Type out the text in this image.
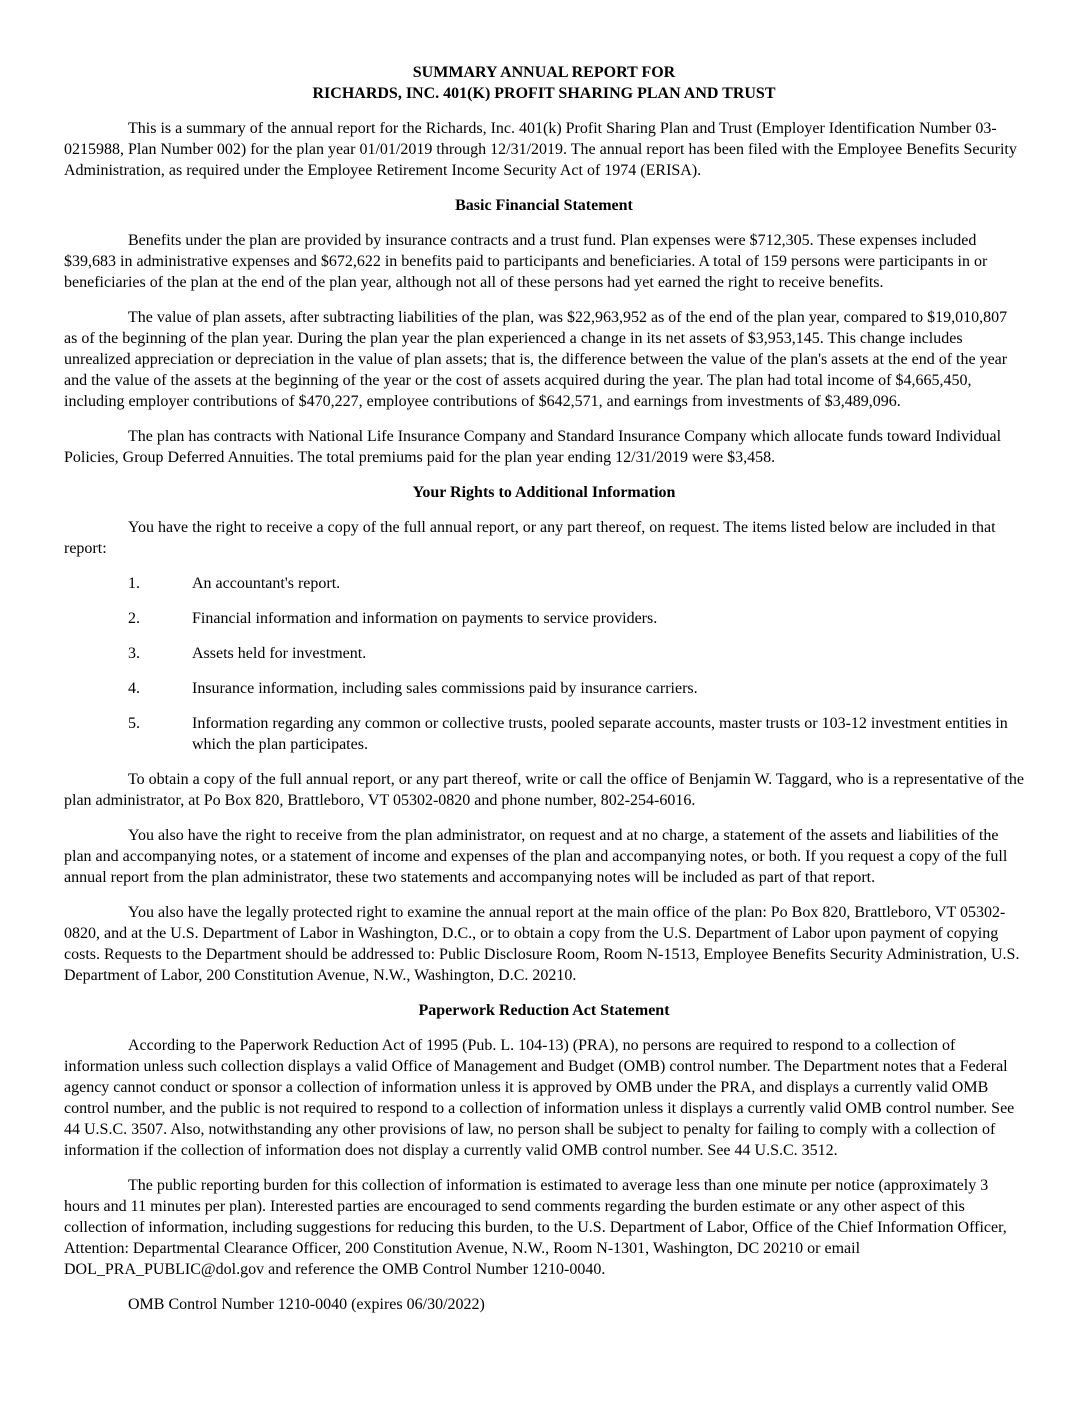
SUMMARY ANNUAL REPORT FOR
RICHARDS, INC. 401(K) PROFIT SHARING PLAN AND TRUST
This is a summary of the annual report for the Richards, Inc. 401(k) Profit Sharing Plan and Trust (Employer Identification Number 03-0215988, Plan Number 002) for the plan year 01/01/2019 through 12/31/2019. The annual report has been filed with the Employee Benefits Security Administration, as required under the Employee Retirement Income Security Act of 1974 (ERISA).
Basic Financial Statement
Benefits under the plan are provided by insurance contracts and a trust fund. Plan expenses were $712,305. These expenses included $39,683 in administrative expenses and $672,622 in benefits paid to participants and beneficiaries. A total of 159 persons were participants in or beneficiaries of the plan at the end of the plan year, although not all of these persons had yet earned the right to receive benefits.
The value of plan assets, after subtracting liabilities of the plan, was $22,963,952 as of the end of the plan year, compared to $19,010,807 as of the beginning of the plan year. During the plan year the plan experienced a change in its net assets of $3,953,145. This change includes unrealized appreciation or depreciation in the value of plan assets; that is, the difference between the value of the plan's assets at the end of the year and the value of the assets at the beginning of the year or the cost of assets acquired during the year. The plan had total income of $4,665,450, including employer contributions of $470,227, employee contributions of $642,571, and earnings from investments of $3,489,096.
The plan has contracts with National Life Insurance Company and Standard Insurance Company which allocate funds toward Individual Policies, Group Deferred Annuities. The total premiums paid for the plan year ending 12/31/2019 were $3,458.
Your Rights to Additional Information
You have the right to receive a copy of the full annual report, or any part thereof, on request. The items listed below are included in that report:
1.	An accountant's report.
2.	Financial information and information on payments to service providers.
3.	Assets held for investment.
4.	Insurance information, including sales commissions paid by insurance carriers.
5.	Information regarding any common or collective trusts, pooled separate accounts, master trusts or 103-12 investment entities in which the plan participates.
To obtain a copy of the full annual report, or any part thereof, write or call the office of Benjamin W. Taggard, who is a representative of the plan administrator, at Po Box 820, Brattleboro, VT 05302-0820 and phone number, 802-254-6016.
You also have the right to receive from the plan administrator, on request and at no charge, a statement of the assets and liabilities of the plan and accompanying notes, or a statement of income and expenses of the plan and accompanying notes, or both. If you request a copy of the full annual report from the plan administrator, these two statements and accompanying notes will be included as part of that report.
You also have the legally protected right to examine the annual report at the main office of the plan: Po Box 820, Brattleboro, VT 05302-0820, and at the U.S. Department of Labor in Washington, D.C., or to obtain a copy from the U.S. Department of Labor upon payment of copying costs. Requests to the Department should be addressed to: Public Disclosure Room, Room N-1513, Employee Benefits Security Administration, U.S. Department of Labor, 200 Constitution Avenue, N.W., Washington, D.C. 20210.
Paperwork Reduction Act Statement
According to the Paperwork Reduction Act of 1995 (Pub. L. 104-13) (PRA), no persons are required to respond to a collection of information unless such collection displays a valid Office of Management and Budget (OMB) control number. The Department notes that a Federal agency cannot conduct or sponsor a collection of information unless it is approved by OMB under the PRA, and displays a currently valid OMB control number, and the public is not required to respond to a collection of information unless it displays a currently valid OMB control number. See 44 U.S.C. 3507. Also, notwithstanding any other provisions of law, no person shall be subject to penalty for failing to comply with a collection of information if the collection of information does not display a currently valid OMB control number. See 44 U.S.C. 3512.
The public reporting burden for this collection of information is estimated to average less than one minute per notice (approximately 3 hours and 11 minutes per plan). Interested parties are encouraged to send comments regarding the burden estimate or any other aspect of this collection of information, including suggestions for reducing this burden, to the U.S. Department of Labor, Office of the Chief Information Officer, Attention: Departmental Clearance Officer, 200 Constitution Avenue, N.W., Room N-1301, Washington, DC 20210 or email DOL_PRA_PUBLIC@dol.gov and reference the OMB Control Number 1210-0040.
OMB Control Number 1210-0040 (expires 06/30/2022)
